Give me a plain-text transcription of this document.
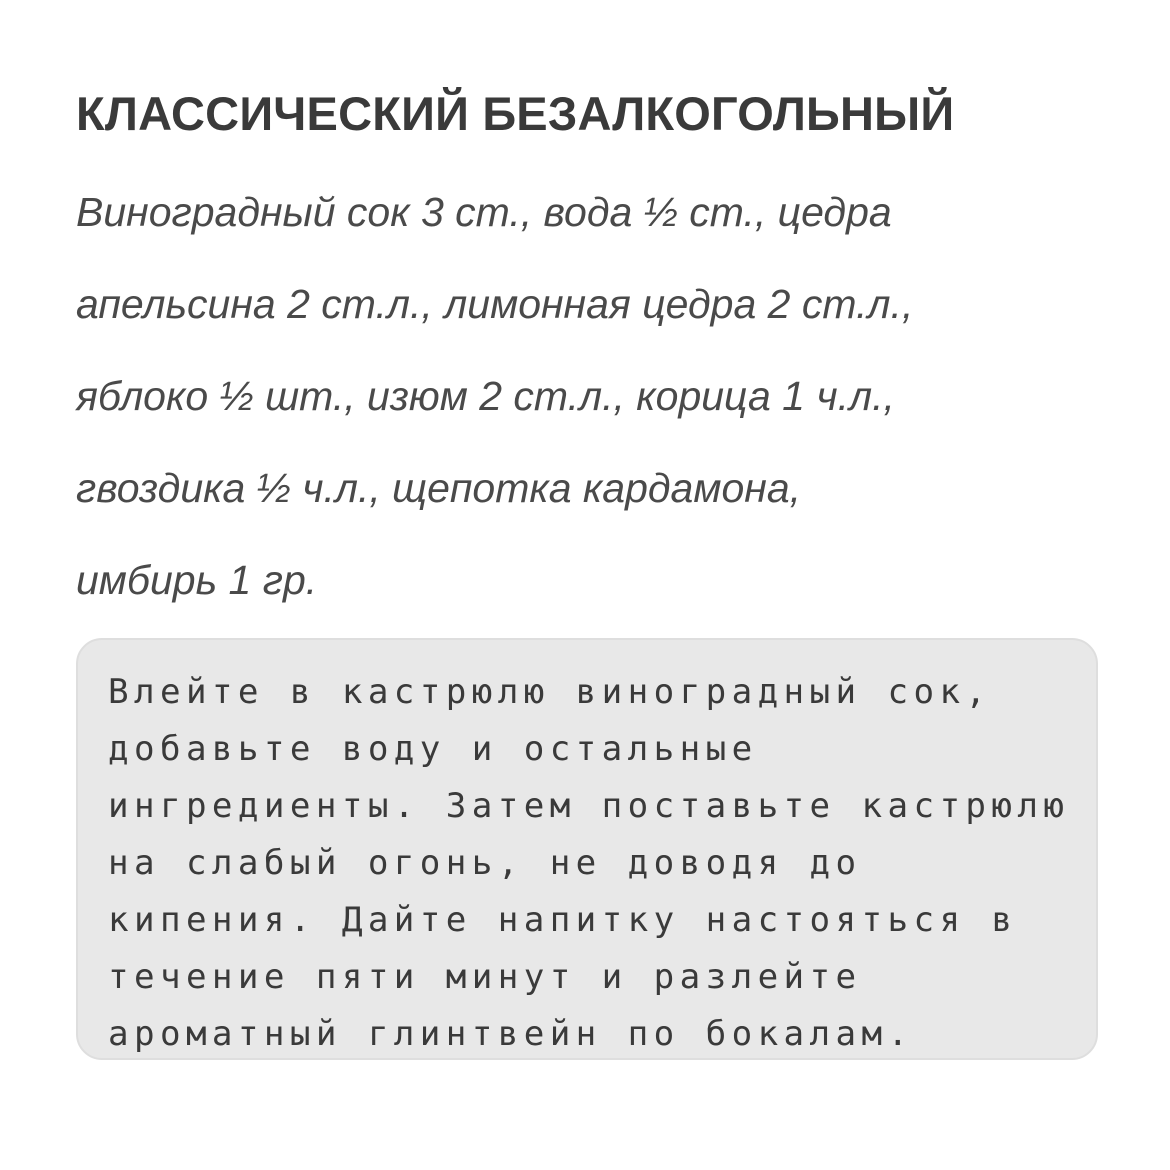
КЛАССИЧЕСКИЙ БЕЗАЛКОГОЛЬНЫЙ
Виноградный сок 3 ст., вода ½ ст., цедра
апельсина 2 ст.л., лимонная цедра 2 ст.л.,
яблоко ½ шт., изюм 2 ст.л., корица 1 ч.л.,
гвоздика ½ ч.л., щепотка кардамона,
имбирь 1 гр.
Влейте в кастрюлю виноградный сок,
добавьте воду и остальные
ингредиенты. Затем поставьте кастрюлю
на слабый огонь, не доводя до
кипения. Дайте напитку настояться в
течение пяти минут и разлейте
ароматный глинтвейн по бокалам.
